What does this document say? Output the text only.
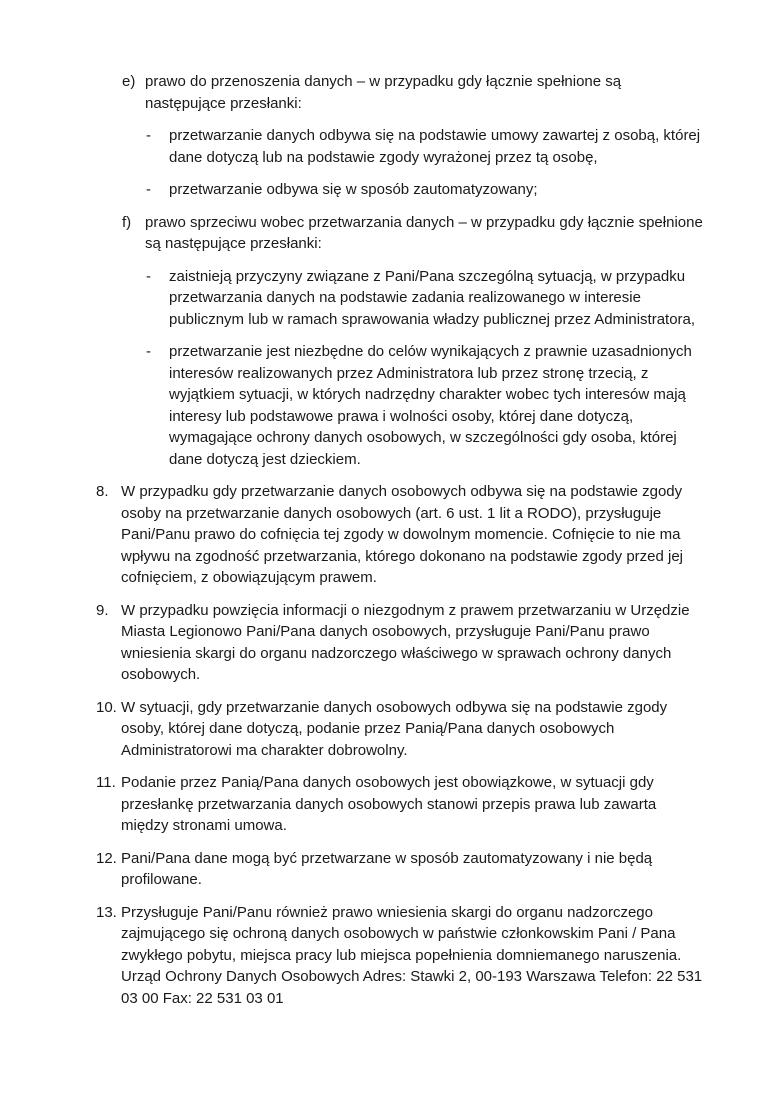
e) prawo do przenoszenia danych – w przypadku gdy łącznie spełnione są następujące przesłanki:
- przetwarzanie danych odbywa się na podstawie umowy zawartej z osobą, której dane dotyczą lub na podstawie zgody wyrażonej przez tą osobę,
- przetwarzanie odbywa się w sposób zautomatyzowany;
f) prawo sprzeciwu wobec przetwarzania danych – w przypadku gdy łącznie spełnione są następujące przesłanki:
- zaistnieją przyczyny związane z Pani/Pana szczególną sytuacją, w przypadku przetwarzania danych na podstawie zadania realizowanego w interesie publicznym lub w ramach sprawowania władzy publicznej przez Administratora,
- przetwarzanie jest niezbędne do celów wynikających z prawnie uzasadnionych interesów realizowanych przez Administratora lub przez stronę trzecią, z wyjątkiem sytuacji, w których nadrzędny charakter wobec tych interesów mają interesy lub podstawowe prawa i wolności osoby, której dane dotyczą, wymagające ochrony danych osobowych, w szczególności gdy osoba, której dane dotyczą jest dzieckiem.
8. W przypadku gdy przetwarzanie danych osobowych odbywa się na podstawie zgody osoby na przetwarzanie danych osobowych (art. 6 ust. 1 lit a RODO), przysługuje Pani/Panu prawo do cofnięcia tej zgody w dowolnym momencie. Cofnięcie to nie ma wpływu na zgodność przetwarzania, którego dokonano na podstawie zgody przed jej cofnięciem, z obowiązującym prawem.
9. W przypadku powzięcia informacji o niezgodnym z prawem przetwarzaniu w Urzędzie Miasta Legionowo Pani/Pana danych osobowych, przysługuje Pani/Panu prawo wniesienia skargi do organu nadzorczego właściwego w sprawach ochrony danych osobowych.
10. W sytuacji, gdy przetwarzanie danych osobowych odbywa się na podstawie zgody osoby, której dane dotyczą, podanie przez Panią/Pana danych osobowych Administratorowi ma charakter dobrowolny.
11. Podanie przez Panią/Pana danych osobowych jest obowiązkowe, w sytuacji gdy przesłankę przetwarzania danych osobowych stanowi przepis prawa lub zawarta między stronami umowa.
12. Pani/Pana dane mogą być przetwarzane w sposób zautomatyzowany i nie będą profilowane.
13. Przysługuje Pani/Panu również prawo wniesienia skargi do organu nadzorczego zajmującego się ochroną danych osobowych w państwie członkowskim Pani / Pana zwykłego pobytu, miejsca pracy lub miejsca popełnienia domniemanego naruszenia. Urząd Ochrony Danych Osobowych Adres: Stawki 2, 00-193 Warszawa Telefon: 22 531 03 00 Fax: 22 531 03 01
